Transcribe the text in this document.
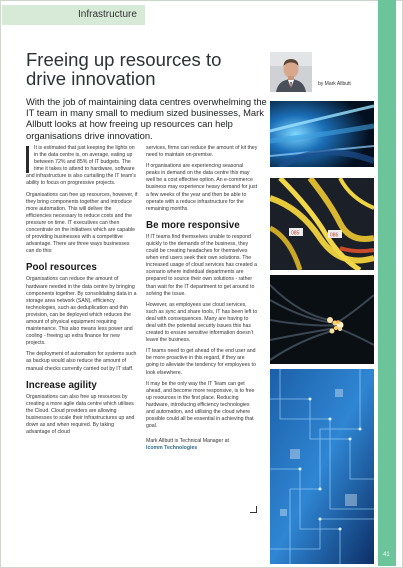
Infrastructure
Freeing up resources to drive innovation
With the job of maintaining data centres overwhelming the IT team in many small to medium sized businesses, Mark Allbutt looks at how freeing up resources can help organisations drive innovation.

It is estimated that just keeping the lights on in the data centre is, on average, eating up between 72% and 85% of IT budgets. The time it takes to attend to hardware, software and infrastructure is also curtailing the IT team’s ability to focus on progressive projects.

Organisations can free up resources, however, if they bring components together and introduce more automation. This will deliver the efficiencies necessary to reduce costs and the pressure on time. IT executives can then concentrate on the initiatives which are capable of providing businesses with a competitive advantage. There are three ways businesses can do this:

Pool resources

Organisations can reduce the amount of hardware needed in the data centre by bringing components together. By consolidating data in a storage area network (SAN), efficiency technologies, such as deduplication and thin provision, can be deployed which reduces the amount of physical equipment requiring maintenance. This also means less power and cooling - freeing up extra finance for new projects.

The deployment of automation for systems such as backup would also reduce the amount of manual checks currently carried out by IT staff.

Increase agility

Organisations can also free up resources by creating a more agile data centre which utilises the Cloud. Cloud providers are allowing businesses to scale their infrastructures up and down as and when required. By taking advantage of cloud

services, firms can reduce the amount of kit they need to maintain on-premise.

If organisations are experiencing seasonal peaks in demand on the data centre this may well be a cost effective option. An e-commerce business may experience heavy demand for just a few weeks of the year and then be able to operate with a reduce infrastructure for the remaining months.

Be more responsive

If IT teams find themselves unable to respond quickly to the demands of the business, they could be creating headaches for themselves when end users seek their own solutions. The increased usage of cloud services has created a scenario where individual departments are prepared to source their own solutions - rather than wait for the IT department to get around to solving the issue.

However, as employees use cloud services, such as sync and share tools, IT has been left to deal with consequences. Many are having to deal with the potential security issues this has created to ensure sensitive information doesn’t leave the business.

IT teams need to get ahead of the end user and be more proactive in this regard, if they are going to alleviate the tendency for employees to look elsewhere.

It may be the only way the IT Team can get ahead, and become more responsive, is to free up resources in the first place. Reducing hardware, introducing efficiency technologies and automation, and utilising the cloud where possible could all be essential in achieving that goal.

Mark Allbutt is Technical Manager at
Icomm Technologies

by Mark Allbutt
085	086
41
